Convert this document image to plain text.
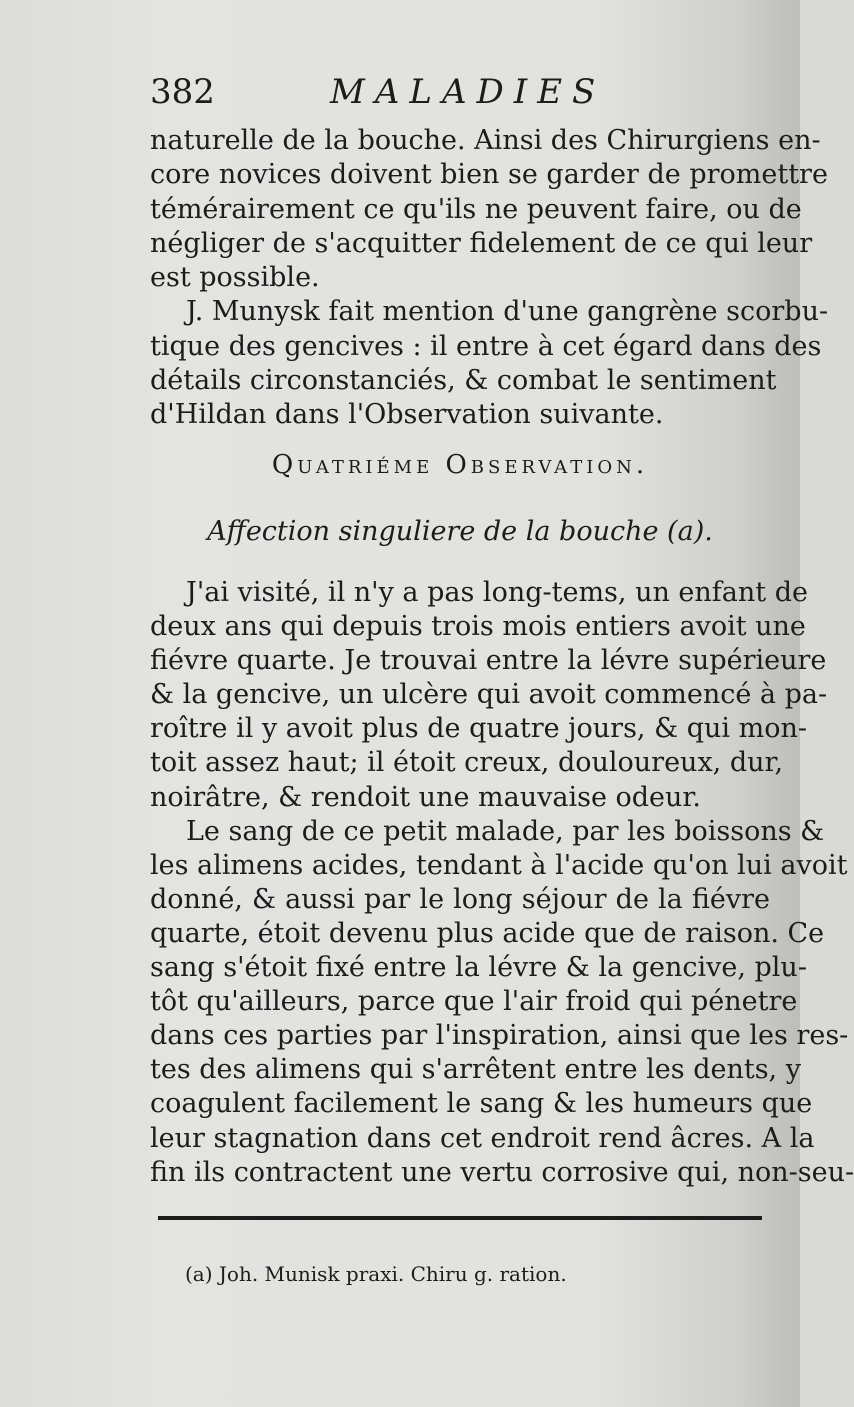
382	MALADIES
naturelle de la bouche. Ainsi des Chirurgiens en-
core novices doivent bien se garder de promettre
témérairement ce qu'ils ne peuvent faire, ou de
négliger de s'acquitter fidelement de ce qui leur
est possible.
J. Munysk fait mention d'une gangrène scorbu-
tique des gencives : il entre à cet égard dans des
détails circonstanciés, & combat le sentiment
d'Hildan dans l'Observation suivante.
Quatriéme Observation.
Affection singuliere de la bouche (a).
J'ai visité, il n'y a pas long-tems, un enfant de
deux ans qui depuis trois mois entiers avoit une
fiévre quarte. Je trouvai entre la lévre supérieure
& la gencive, un ulcère qui avoit commencé à pa-
roître il y avoit plus de quatre jours, & qui mon-
toit assez haut; il étoit creux, douloureux, dur,
noirâtre, & rendoit une mauvaise odeur.
Le sang de ce petit malade, par les boissons &
les alimens acides, tendant à l'acide qu'on lui avoit
donné, & aussi par le long séjour de la fiévre
quarte, étoit devenu plus acide que de raison. Ce
sang s'étoit fixé entre la lévre & la gencive, plu-
tôt qu'ailleurs, parce que l'air froid qui pénetre
dans ces parties par l'inspiration, ainsi que les res-
tes des alimens qui s'arrêtent entre les dents, y
coagulent facilement le sang & les humeurs que
leur stagnation dans cet endroit rend âcres. A la
fin ils contractent une vertu corrosive qui, non-seu-
(a) Joh. Munisk praxi. Chiru g. ration.
